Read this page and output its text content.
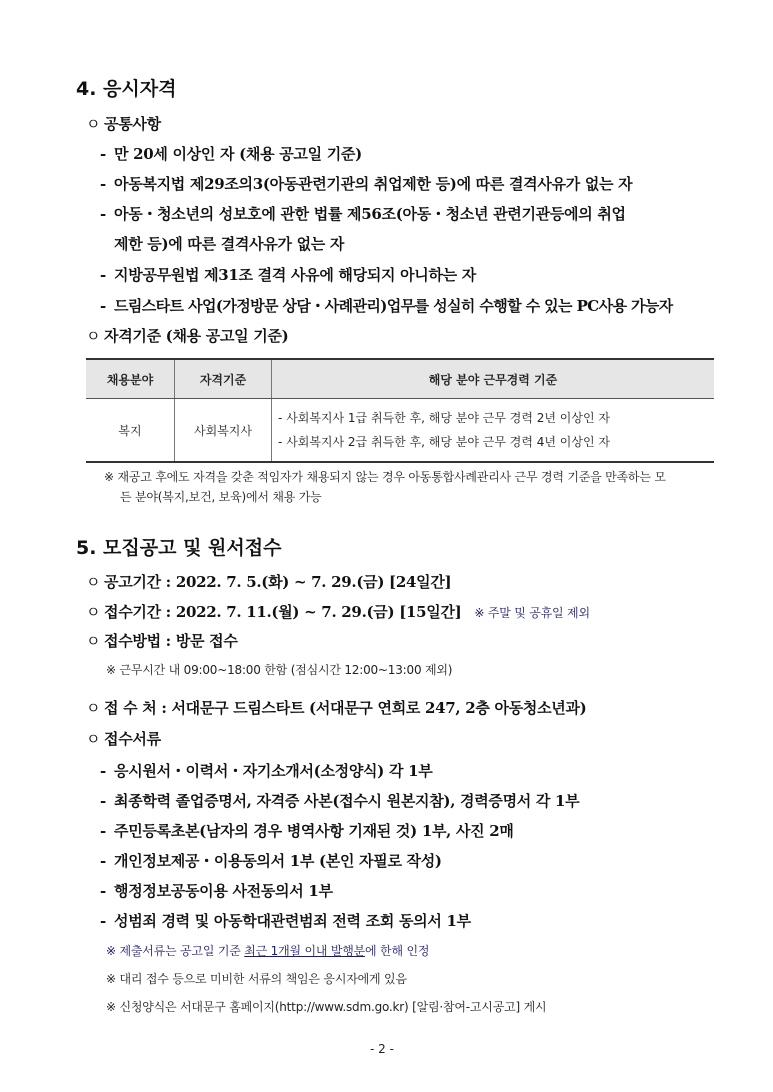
4. 응시자격
ㅇ 공통사항
- 만 20세 이상인 자 (채용 공고일 기준)
- 아동복지법 제29조의3(아동관련기관의 취업제한 등)에 따른 결격사유가 없는 자
- 아동・청소년의 성보호에 관한 법률 제56조(아동・청소년 관련기관등에의 취업
제한 등)에 따른 결격사유가 없는 자
- 지방공무원법 제31조 결격 사유에 해당되지 아니하는 자
- 드림스타트 사업(가정방문 상담・사례관리)업무를 성실히 수행할 수 있는 PC사용 가능자
ㅇ 자격기준 (채용 공고일 기준)
채용분야	자격기준	해당 분야 근무경력 기준
복지	사회복지사	- 사회복지사 1급 취득한 후, 해당 분야 근무 경력 2년 이상인 자
- 사회복지사 2급 취득한 후, 해당 분야 근무 경력 4년 이상인 자
※ 재공고 후에도 자격을 갖춘 적임자가 채용되지 않는 경우 아동통합사례관리사 근무 경력 기준을 만족하는 모
든 분야(복지,보건, 보육)에서 채용 가능
5. 모집공고 및 원서접수
ㅇ 공고기간 : 2022. 7. 5.(화) ~ 7. 29.(금) [24일간]
ㅇ 접수기간 : 2022. 7. 11.(월) ~ 7. 29.(금) [15일간] ※ 주말 및 공휴일 제외
ㅇ 접수방법 : 방문 접수
※ 근무시간 내 09:00~18:00 한함 (점심시간 12:00~13:00 제외)
ㅇ 접 수 처 : 서대문구 드림스타트 (서대문구 연희로 247, 2층 아동청소년과)
ㅇ 접수서류
- 응시원서・이력서・자기소개서(소정양식) 각 1부
- 최종학력 졸업증명서, 자격증 사본(접수시 원본지참), 경력증명서 각 1부
- 주민등록초본(남자의 경우 병역사항 기재된 것) 1부, 사진 2매
- 개인정보제공・이용동의서 1부 (본인 자필로 작성)
- 행정정보공동이용 사전동의서 1부
- 성범죄 경력 및 아동학대관련범죄 전력 조회 동의서 1부
※ 제출서류는 공고일 기준 최근 1개월 이내 발행분에 한해 인정
※ 대리 접수 등으로 미비한 서류의 책임은 응시자에게 있음
※ 신청양식은 서대문구 홈페이지(http://www.sdm.go.kr) [알림·참여-고시공고] 게시
- 2 -
